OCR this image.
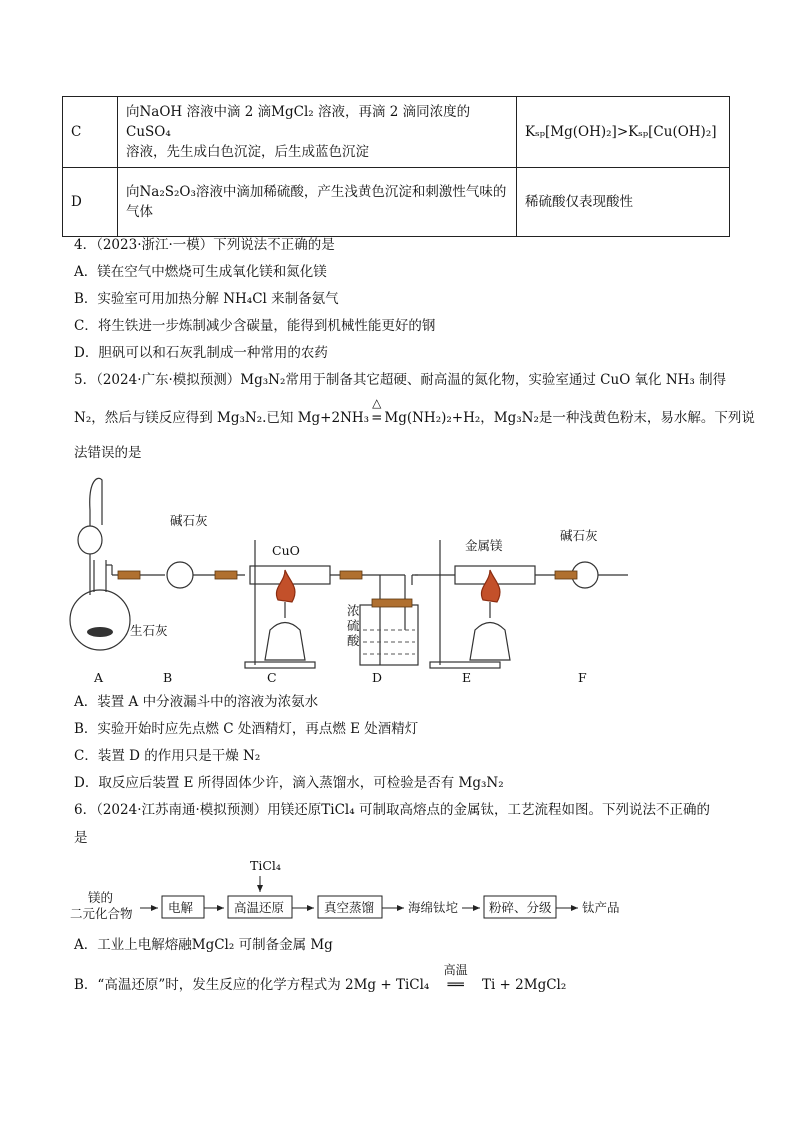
C	向NaOH 溶液中滴 2 滴MgCl₂ 溶液，再滴 2 滴同浓度的CuSO₄
溶液，先生成白色沉淀，后生成蓝色沉淀	Kₛₚ[Mg(OH)₂]>Kₛₚ[Cu(OH)₂]
D	向Na₂S₂O₃溶液中滴加稀硫酸，产生浅黄色沉淀和刺激性气味的
气体	稀硫酸仅表现酸性
4．（2023·浙江·一模）下列说法不正确的是
A．镁在空气中燃烧可生成氧化镁和氮化镁
B．实验室可用加热分解 NH₄Cl 来制备氨气
C．将生铁进一步炼制减少含碳量，能得到机械性能更好的钢
D．胆矾可以和石灰乳制成一种常用的农药
5．（2024·广东·模拟预测）Mg₃N₂常用于制备其它超硬、耐高温的氮化物，实验室通过 CuO 氧化 NH₃ 制得
N₂，然后与镁反应得到 Mg₃N₂.已知 Mg+2NH₃
△
= Mg(NH₂)₂+H₂，Mg₃N₂是一种浅黄色粉末，易水解。下列说
法错误的是
碱石灰
CuO
生石灰
浓
硫
酸
金属镁
碱石灰
A	B	C	D	E	F
A．装置 A 中分液漏斗中的溶液为浓氨水
B．实验开始时应先点燃 C 处酒精灯，再点燃 E 处酒精灯
C．装置 D 的作用只是干燥 N₂
D．取反应后装置 E 所得固体少许，滴入蒸馏水，可检验是否有 Mg₃N₂
6．（2024·江苏南通·模拟预测）用镁还原TiCl₄ 可制取高熔点的金属钛，工艺流程如图。下列说法不正确的
是
镁的
二元化合物
TiCl₄
电解	高温还原	真空蒸馏	海绵钛坨 粉碎、分级 钛产品
A．工业上电解熔融MgCl₂ 可制备金属 Mg
B．“高温还原”时，发生反应的化学方程式为 2Mg + TiCl₄
高温
══ Ti + 2MgCl₂
